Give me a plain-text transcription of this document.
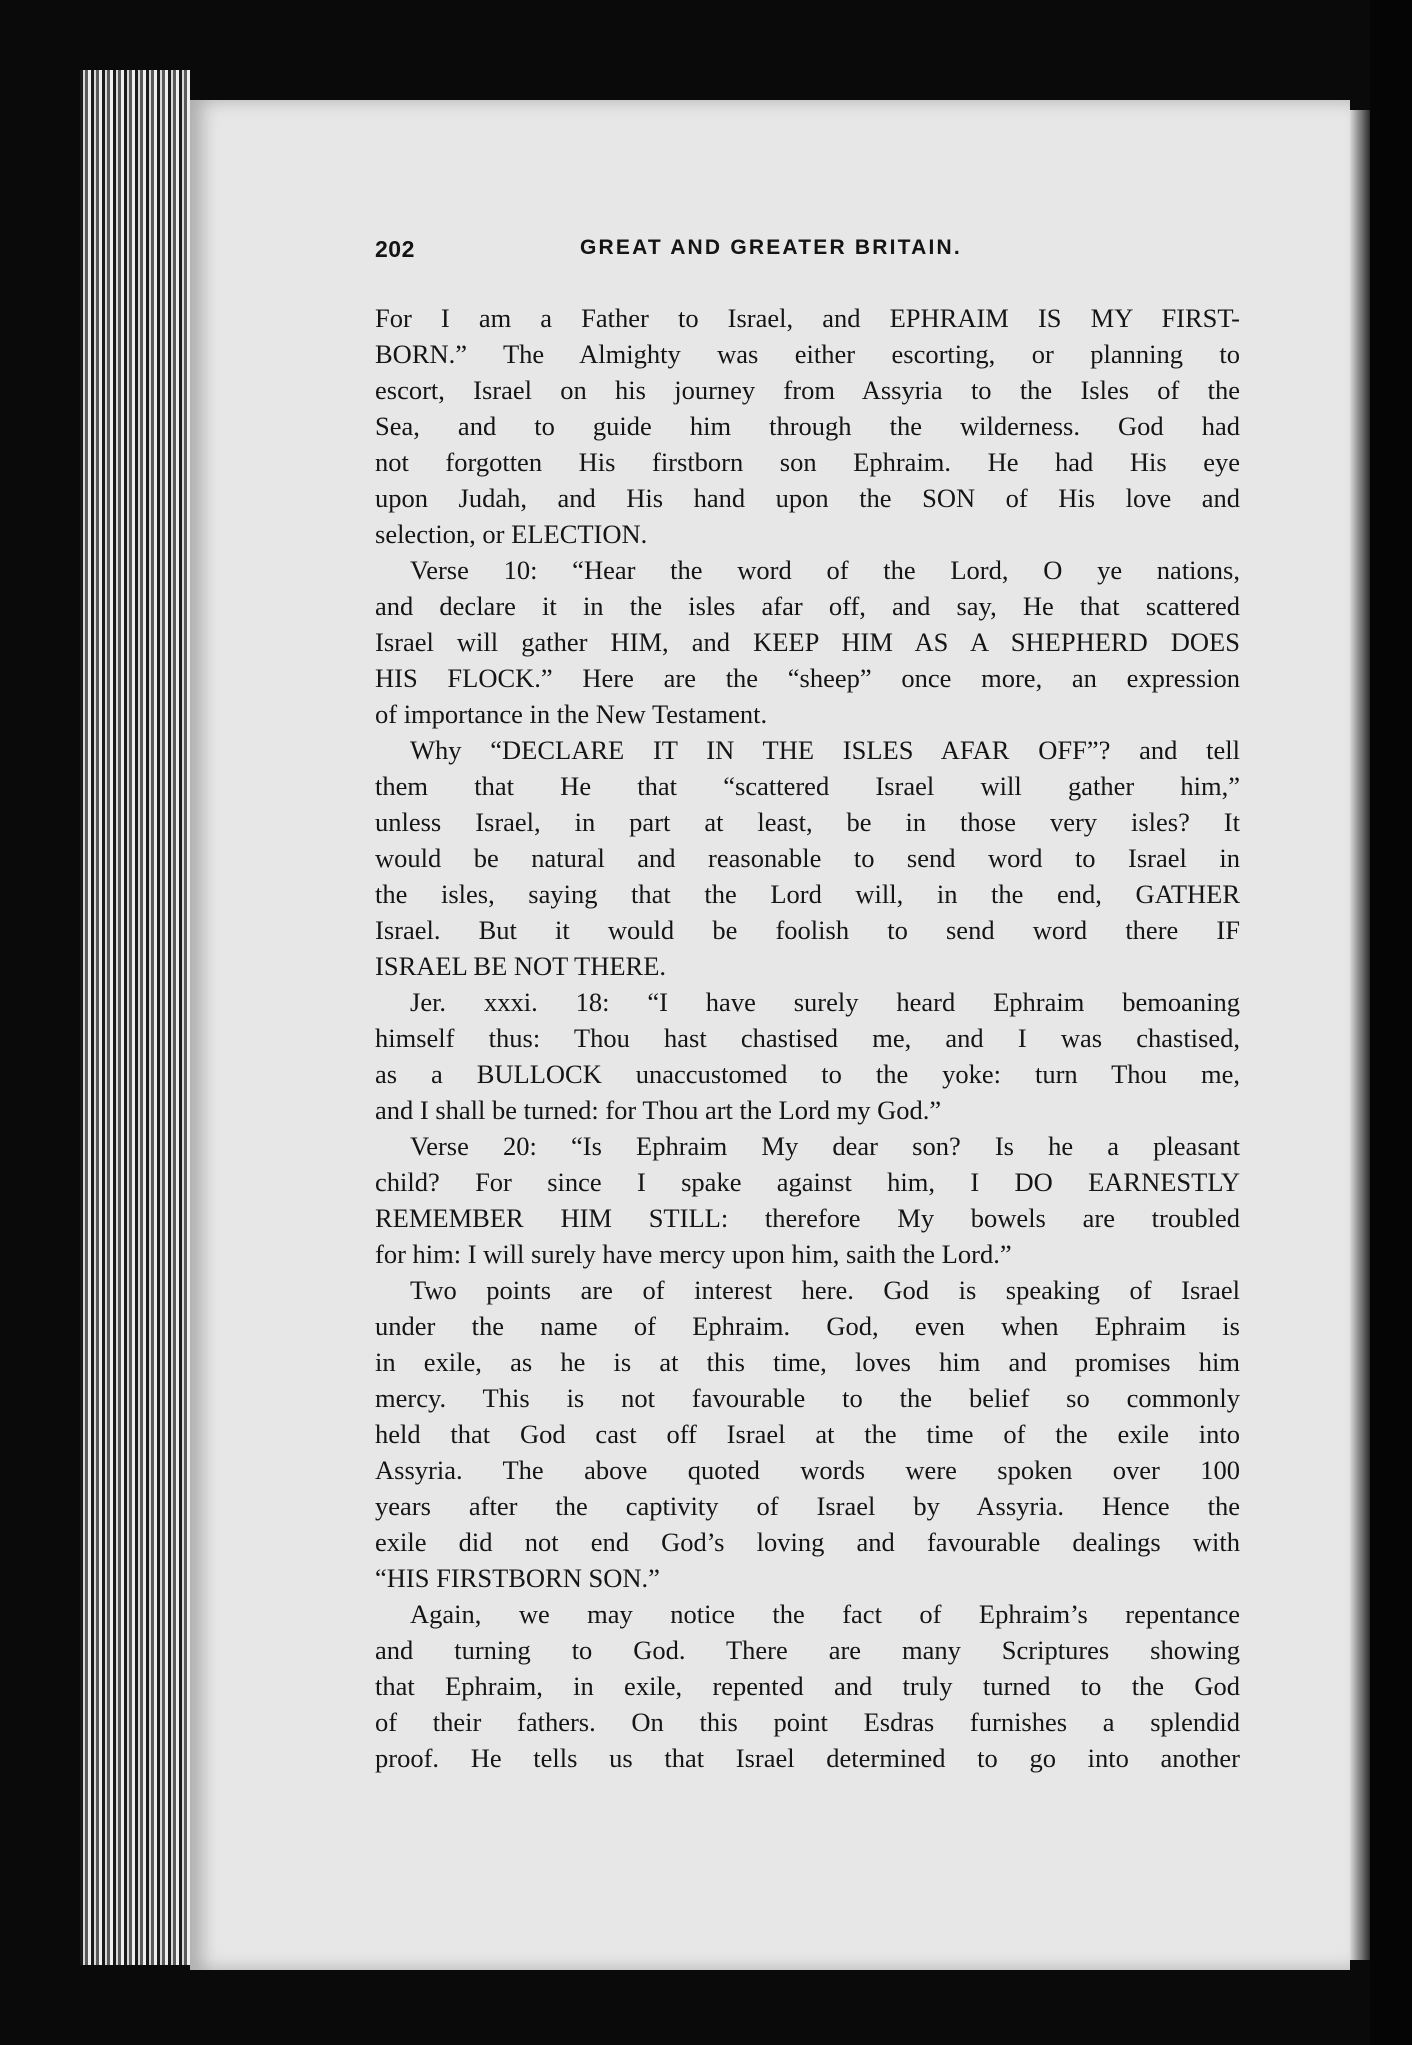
202	GREAT AND GREATER BRITAIN.
For I am a Father to Israel, and EPHRAIM IS MY FIRST-
BORN.” The Almighty was either escorting, or planning to
escort, Israel on his journey from Assyria to the Isles of the
Sea, and to guide him through the wilderness. God had
not forgotten His firstborn son Ephraim. He had His eye
upon Judah, and His hand upon the SON of His love and
selection, or ELECTION.
Verse 10: “Hear the word of the Lord, O ye nations,
and declare it in the isles afar off, and say, He that scattered
Israel will gather HIM, and KEEP HIM AS A SHEPHERD DOES
HIS FLOCK.” Here are the “sheep” once more, an expression
of importance in the New Testament.
Why “DECLARE IT IN THE ISLES AFAR OFF”? and tell
them that He that “scattered Israel will gather him,”
unless Israel, in part at least, be in those very isles? It
would be natural and reasonable to send word to Israel in
the isles, saying that the Lord will, in the end, GATHER
Israel. But it would be foolish to send word there IF
ISRAEL BE NOT THERE.
Jer. xxxi. 18: “I have surely heard Ephraim bemoaning
himself thus: Thou hast chastised me, and I was chastised,
as a BULLOCK unaccustomed to the yoke: turn Thou me,
and I shall be turned: for Thou art the Lord my God.”
Verse 20: “Is Ephraim My dear son? Is he a pleasant
child? For since I spake against him, I DO EARNESTLY
REMEMBER HIM STILL: therefore My bowels are troubled
for him: I will surely have mercy upon him, saith the Lord.”
Two points are of interest here. God is speaking of Israel
under the name of Ephraim. God, even when Ephraim is
in exile, as he is at this time, loves him and promises him
mercy. This is not favourable to the belief so commonly
held that God cast off Israel at the time of the exile into
Assyria. The above quoted words were spoken over 100
years after the captivity of Israel by Assyria. Hence the
exile did not end God’s loving and favourable dealings with
“HIS FIRSTBORN SON.”
Again, we may notice the fact of Ephraim’s repentance
and turning to God. There are many Scriptures showing
that Ephraim, in exile, repented and truly turned to the God
of their fathers. On this point Esdras furnishes a splendid
proof. He tells us that Israel determined to go into another
